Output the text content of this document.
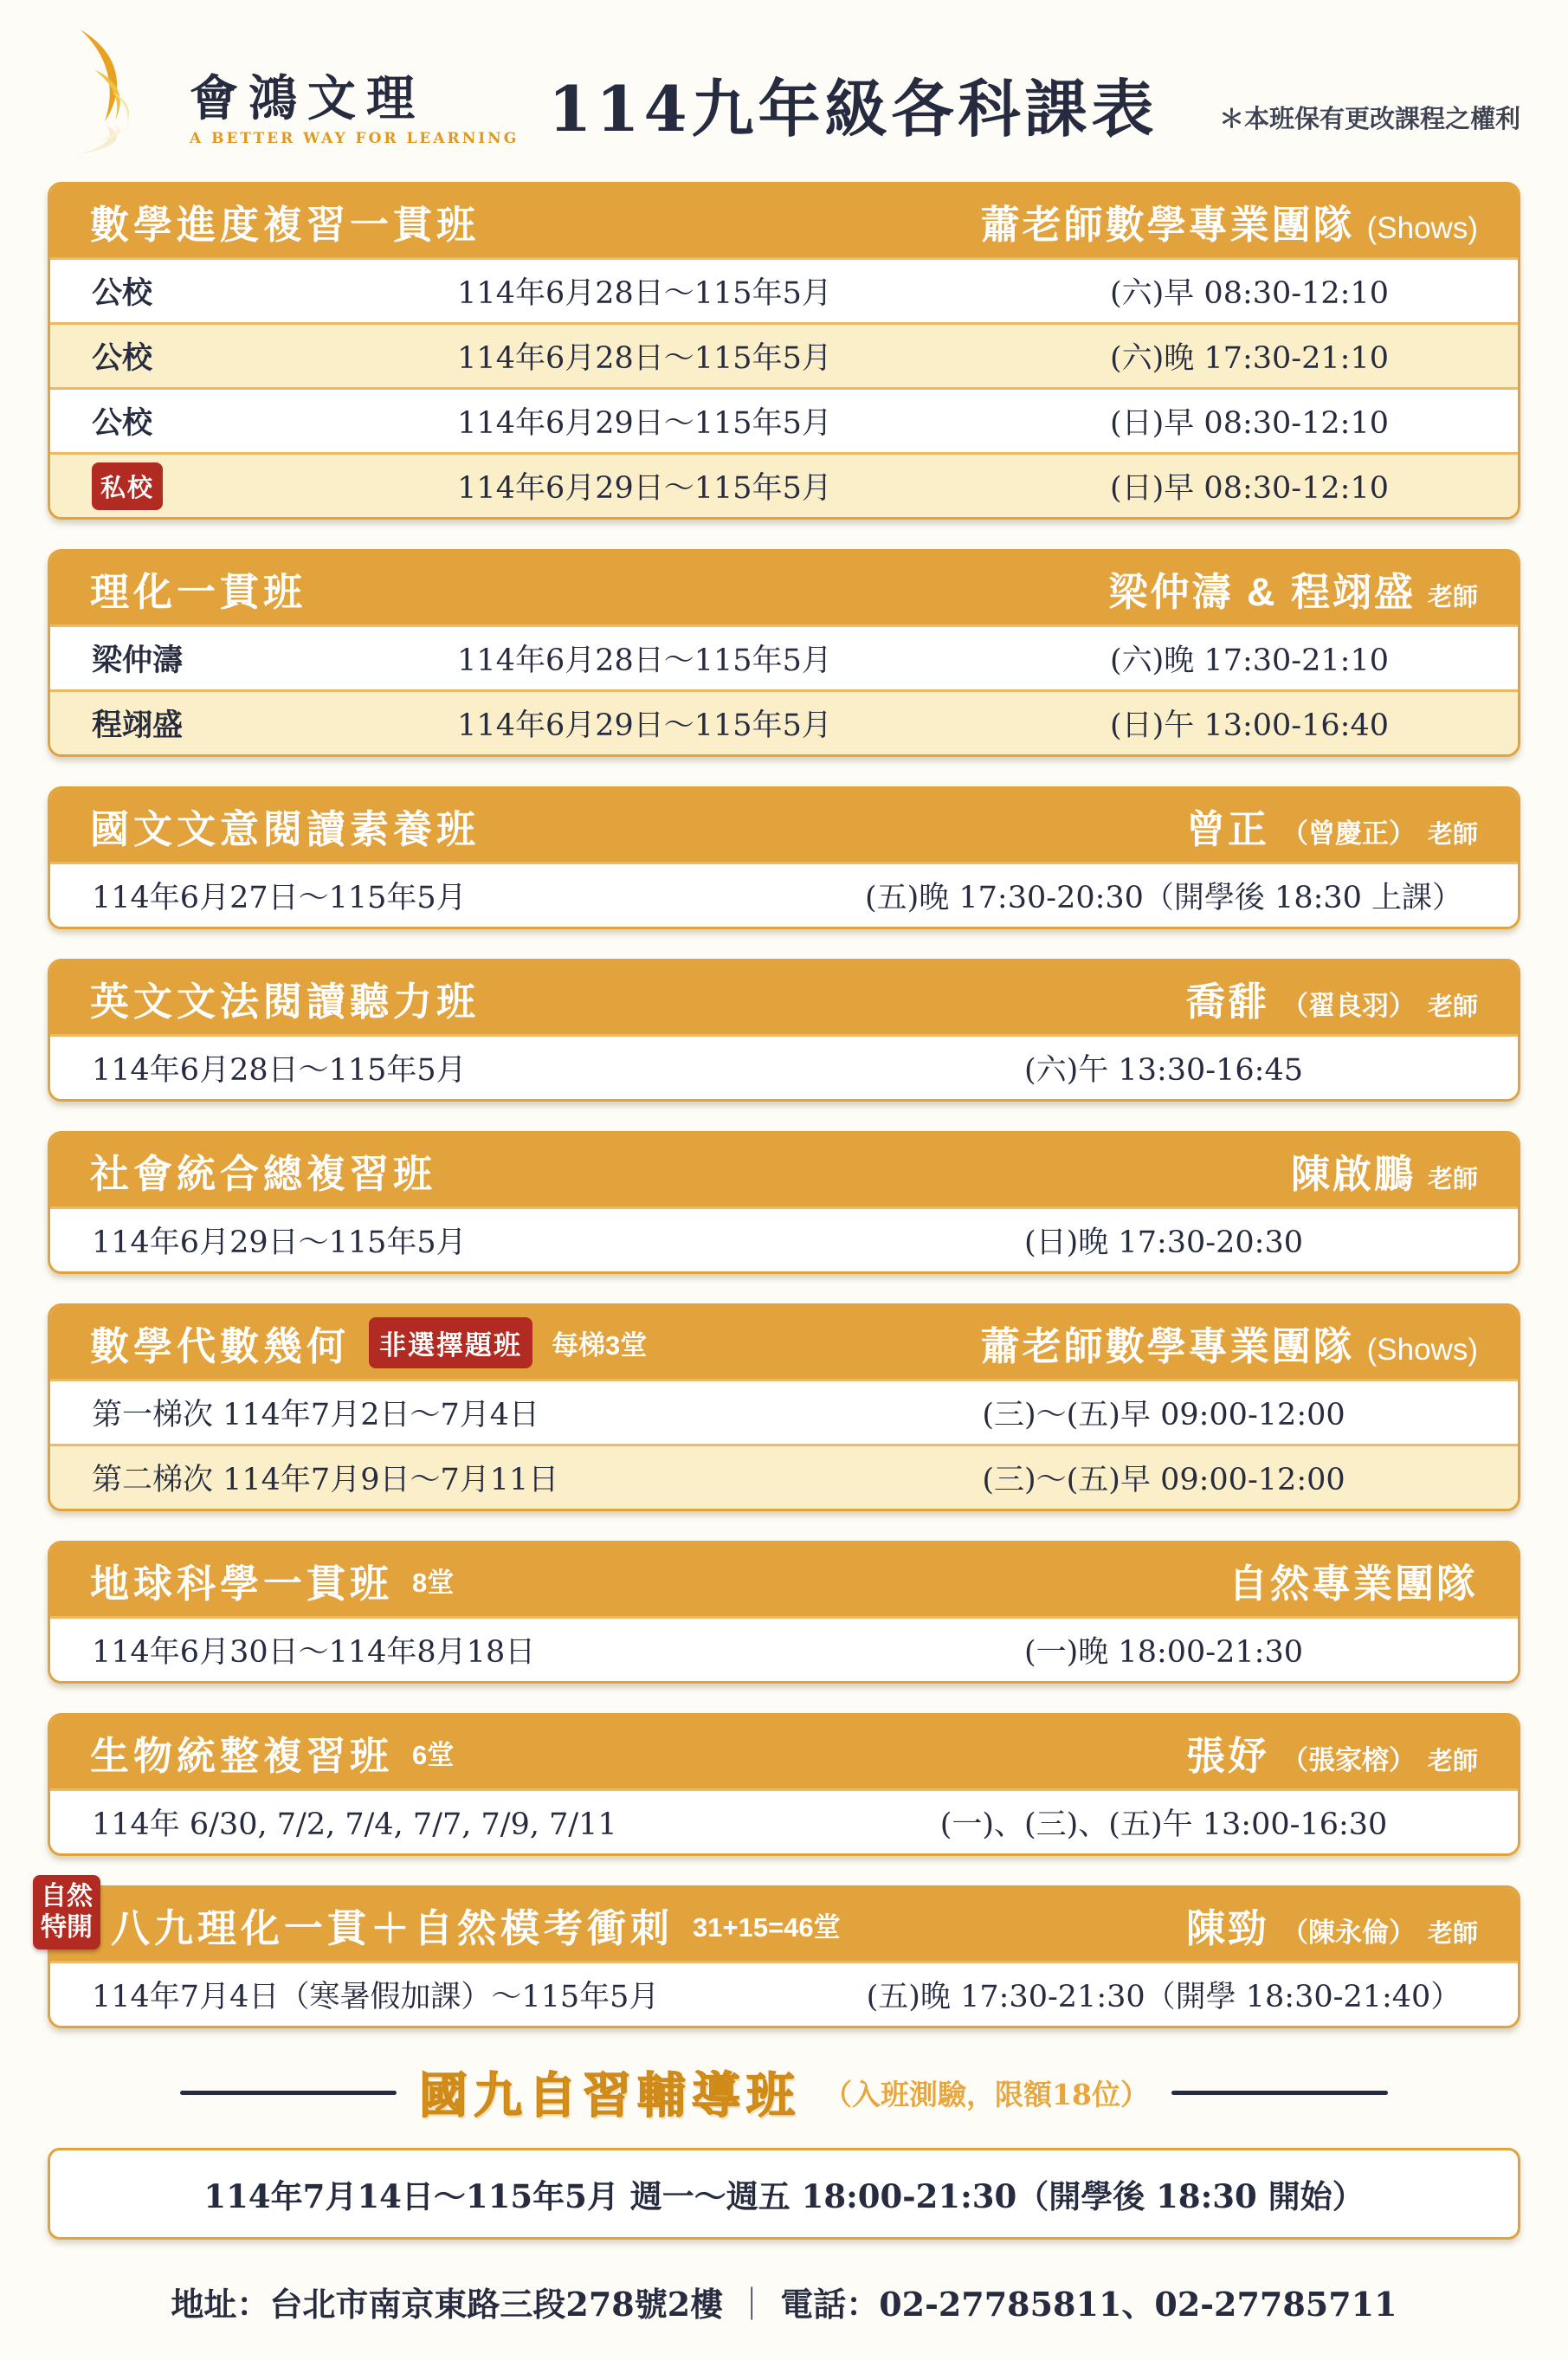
會鴻文理
A BETTER WAY FOR LEARNING 114九年級各科課表 ＊本班保有更改課程之權利
數學進度複習一貫班	蕭老師數學專業團隊 (Shows)
公校	114年6月28日～115年5月	(六)早 08:30-12:10
公校	114年6月28日～115年5月	(六)晚 17:30-21:10
公校	114年6月29日～115年5月	(日)早 08:30-12:10
私校	114年6月29日～115年5月	(日)早 08:30-12:10
理化一貫班	梁仲濤 & 程翊盛 老師
梁仲濤	114年6月28日～115年5月	(六)晚 17:30-21:10
程翊盛	114年6月29日～115年5月	(日)午 13:00-16:40
國文文意閱讀素養班	曾正 （曾慶正） 老師
114年6月27日～115年5月	(五)晚 17:30-20:30（開學後 18:30 上課）
英文文法閱讀聽力班	喬馡 （翟良羽） 老師
114年6月28日～115年5月	(六)午 13:30-16:45
社會統合總複習班	陳啟鵬 老師
114年6月29日～115年5月	(日)晚 17:30-20:30
數學代數幾何	非選擇題班	每梯3堂	蕭老師數學專業團隊 (Shows)
第一梯次 114年7月2日～7月4日	(三)～(五)早 09:00-12:00
第二梯次 114年7月9日～7月11日	(三)～(五)早 09:00-12:00
地球科學一貫班 8堂	自然專業團隊
114年6月30日～114年8月18日	(一)晚 18:00-21:30
生物統整複習班 6堂	張妤 （張家榕） 老師
114年 6/30, 7/2, 7/4, 7/7, 7/9, 7/11	(一)、(三)、(五)午 13:00-16:30
自然
特開 八九理化一貫＋自然模考衝刺 31+15=46堂	陳勁 （陳永倫） 老師
114年7月4日（寒暑假加課）～115年5月	(五)晚 17:30-21:30（開學 18:30-21:40）
國九自習輔導班 （入班測驗，限額18位）
114年7月14日～115年5月 週一～週五 18:00-21:30（開學後 18:30 開始）
地址：台北市南京東路三段278號2樓 ｜ 電話：02-27785811、02-27785711
